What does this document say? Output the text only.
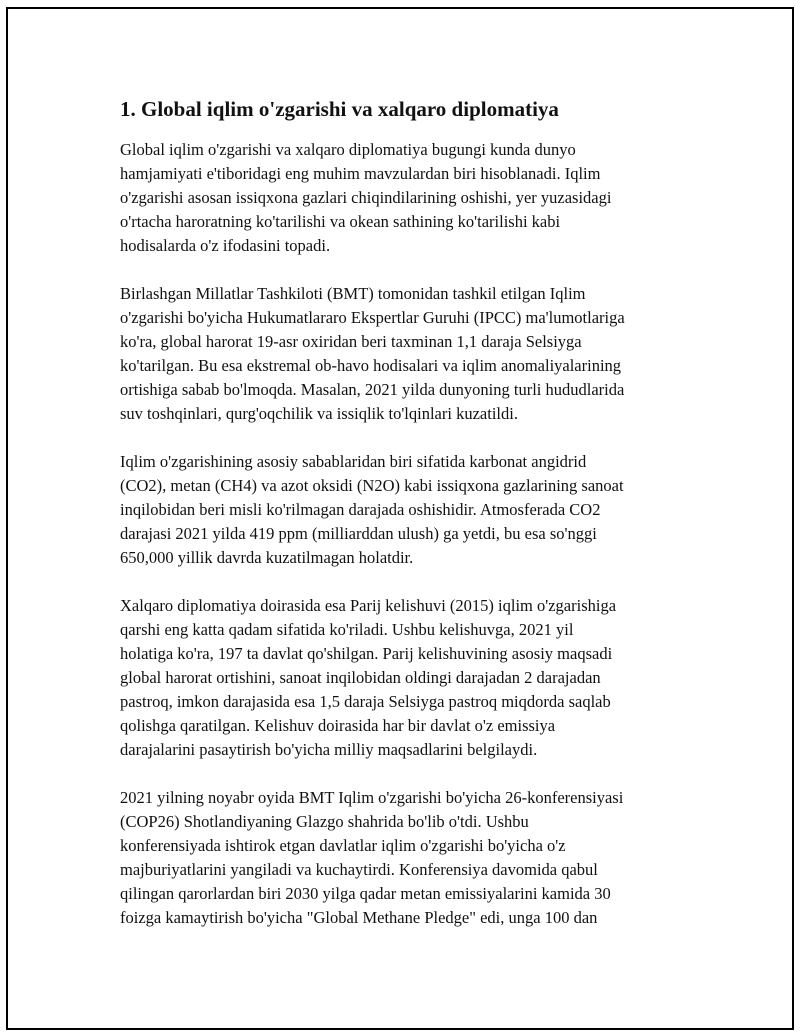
1. Global iqlim o'zgarishi va xalqaro diplomatiya

Global iqlim o'zgarishi va xalqaro diplomatiya bugungi kunda dunyo
hamjamiyati e'tiboridagi eng muhim mavzulardan biri hisoblanadi. Iqlim
o'zgarishi asosan issiqxona gazlari chiqindilarining oshishi, yer yuzasidagi
o'rtacha haroratning ko'tarilishi va okean sathining ko'tarilishi kabi
hodisalarda o'z ifodasini topadi.

Birlashgan Millatlar Tashkiloti (BMT) tomonidan tashkil etilgan Iqlim
o'zgarishi bo'yicha Hukumatlararo Ekspertlar Guruhi (IPCC) ma'lumotlariga
ko'ra, global harorat 19-asr oxiridan beri taxminan 1,1 daraja Selsiyga
ko'tarilgan. Bu esa ekstremal ob-havo hodisalari va iqlim anomaliyalarining
ortishiga sabab bo'lmoqda. Masalan, 2021 yilda dunyoning turli hududlarida
suv toshqinlari, qurg'oqchilik va issiqlik to'lqinlari kuzatildi.

Iqlim o'zgarishining asosiy sabablaridan biri sifatida karbonat angidrid
(CO2), metan (CH4) va azot oksidi (N2O) kabi issiqxona gazlarining sanoat
inqilobidan beri misli ko'rilmagan darajada oshishidir. Atmosferada CO2
darajasi 2021 yilda 419 ppm (milliarddan ulush) ga yetdi, bu esa so'nggi
650,000 yillik davrda kuzatilmagan holatdir.

Xalqaro diplomatiya doirasida esa Parij kelishuvi (2015) iqlim o'zgarishiga
qarshi eng katta qadam sifatida ko'riladi. Ushbu kelishuvga, 2021 yil
holatiga ko'ra, 197 ta davlat qo'shilgan. Parij kelishuvining asosiy maqsadi
global harorat ortishini, sanoat inqilobidan oldingi darajadan 2 darajadan
pastroq, imkon darajasida esa 1,5 daraja Selsiyga pastroq miqdorda saqlab
qolishga qaratilgan. Kelishuv doirasida har bir davlat o'z emissiya
darajalarini pasaytirish bo'yicha milliy maqsadlarini belgilaydi.

2021 yilning noyabr oyida BMT Iqlim o'zgarishi bo'yicha 26-konferensiyasi
(COP26) Shotlandiyaning Glazgo shahrida bo'lib o'tdi. Ushbu
konferensiyada ishtirok etgan davlatlar iqlim o'zgarishi bo'yicha o'z
majburiyatlarini yangiladi va kuchaytirdi. Konferensiya davomida qabul
qilingan qarorlardan biri 2030 yilga qadar metan emissiyalarini kamida 30
foizga kamaytirish bo'yicha "Global Methane Pledge" edi, unga 100 dan
